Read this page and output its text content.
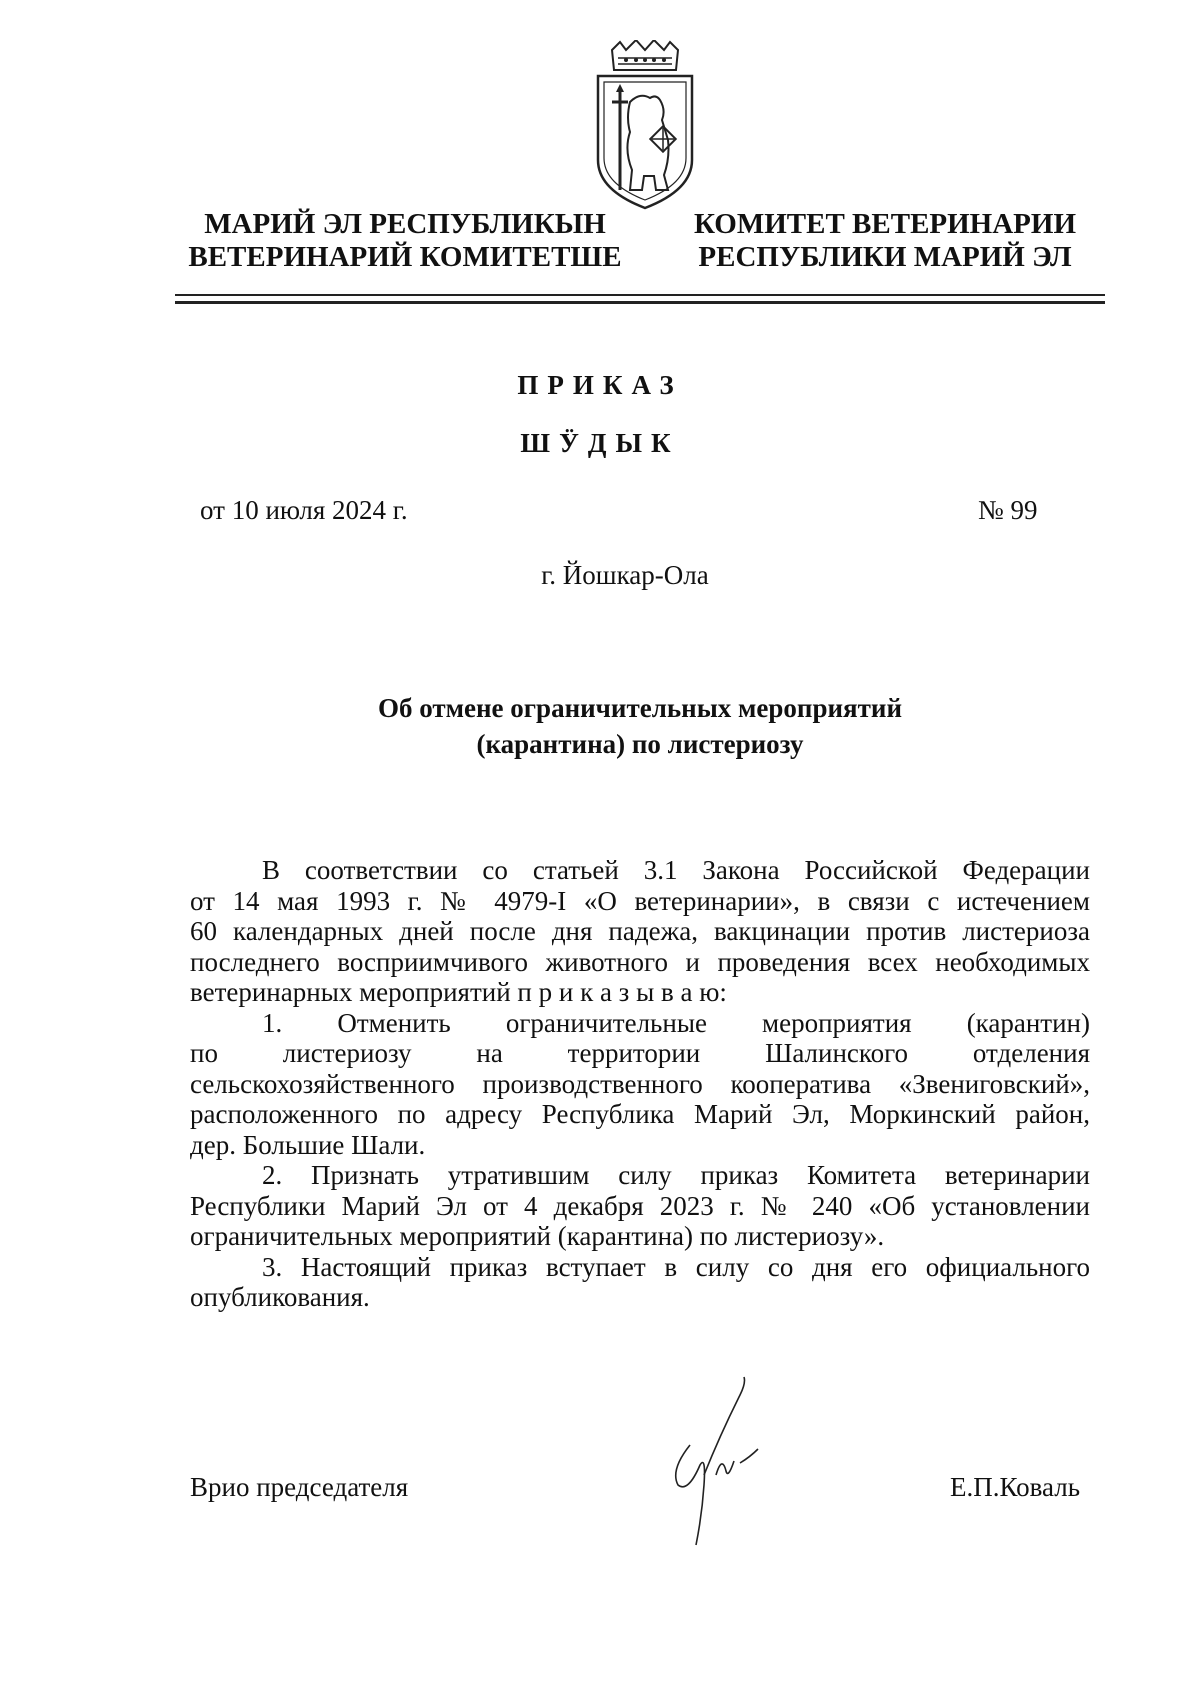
МАРИЙ ЭЛ РЕСПУБЛИКЫН
ВЕТЕРИНАРИЙ КОМИТЕТШЕ
КОМИТЕТ ВЕТЕРИНАРИИ
РЕСПУБЛИКИ МАРИЙ ЭЛ
ПРИКАЗ
ШӰДЫК
от 10 июля 2024 г.	№ 99
г. Йошкар-Ола
Об отмене ограничительных мероприятий
(карантина) по листериозу
В соответствии со статьей 3.1 Закона Российской Федерации
от 14 мая 1993 г. № 4979-I «О ветеринарии», в связи с истечением
60 календарных дней после дня падежа, вакцинации против листериоза
последнего восприимчивого животного и проведения всех необходимых
ветеринарных мероприятий п р и к а з ы в а ю:
1. Отменить ограничительные мероприятия (карантин)
по листериозу на территории Шалинского отделения
сельскохозяйственного производственного кооператива «Звениговский»,
расположенного по адресу Республика Марий Эл, Моркинский район,
дер. Большие Шали.
2. Признать утратившим силу приказ Комитета ветеринарии
Республики Марий Эл от 4 декабря 2023 г. № 240 «Об установлении
ограничительных мероприятий (карантина) по листериозу».
3. Настоящий приказ вступает в силу со дня его официального
опубликования.
Врио председателя	Е.П.Коваль
